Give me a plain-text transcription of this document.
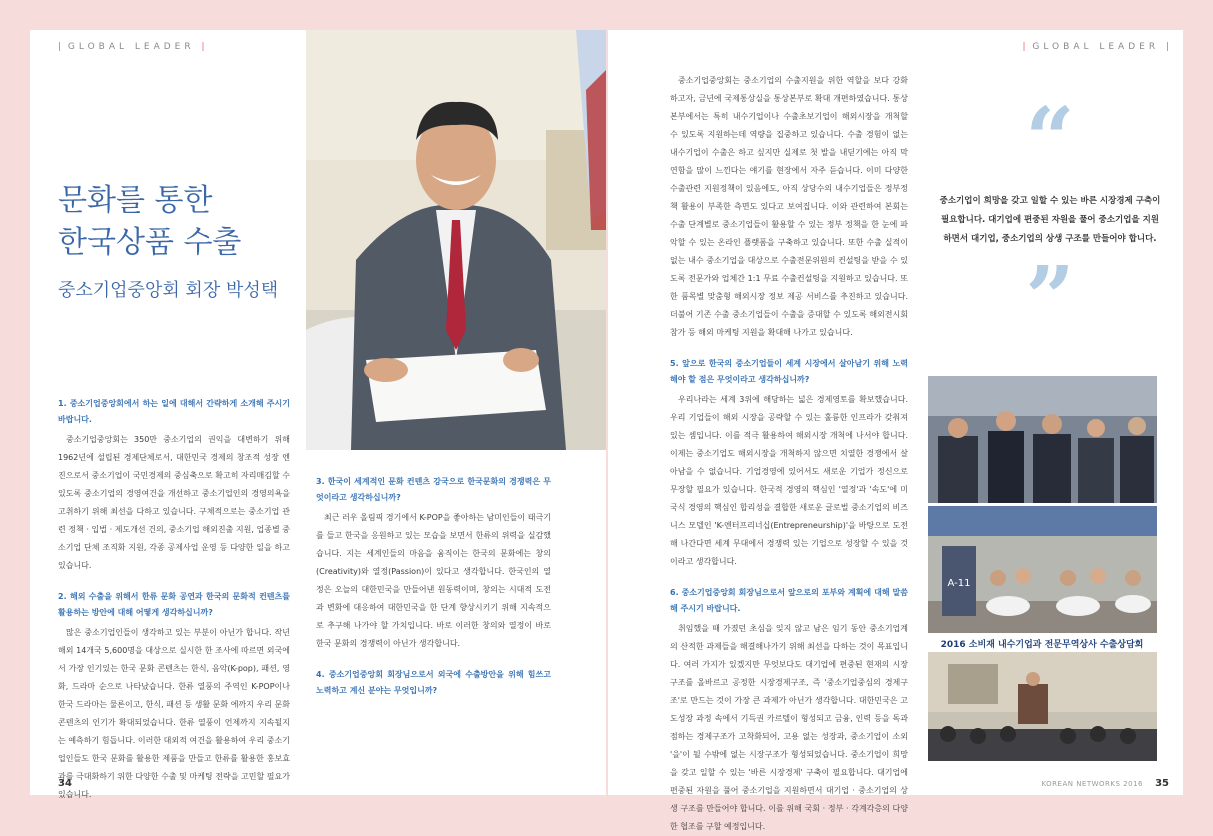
| GLOBAL LEADER |
문화를 통한
한국상품 수출
중소기업중앙회 회장 박성택
1. 중소기업중앙회에서 하는 일에 대해서 간략하게 소개해 주시기 바랍니다.

중소기업중앙회는 350만 중소기업의 권익을 대변하기 위해 1962년에 설립된 경제단체로서, 대한민국 경제의 창조적 성장 엔진으로서 중소기업이 국민경제의 중심축으로 확고히 자리매김할 수 있도록 중소기업의 경영여건을 개선하고 중소기업인의 경영의욕을 고취하기 위해 최선을 다하고 있습니다. 구체적으로는 중소기업 관련 정책 · 입법 · 제도개선 건의, 중소기업 해외진출 지원, 업종별 중소기업 단체 조직화 지원, 각종 공제사업 운영 등 다양한 일을 하고 있습니다.

2. 해외 수출을 위해서 한류 문화 공연과 한국의 문화적 컨텐츠를 활용하는 방안에 대해 어떻게 생각하십니까?

많은 중소기업인들이 생각하고 있는 부분이 아닌가 합니다. 작년 해외 14개국 5,600명을 대상으로 실시한 한 조사에 따르면 외국에서 가장 인기있는 한국 문화 콘텐츠는 한식, 음악(K-pop), 패션, 영화, 드라마 순으로 나타났습니다. 한류 열풍의 주역인 K-POP이나 한국 드라마는 물론이고, 한식, 패션 등 생활 문화 에까지 우리 문화콘텐츠의 인기가 확대되었습니다. 한류 열풍이 언제까지 지속될지는 예측하기 힘듭니다. 이러한 대외적 여건을 활용하여 우리 중소기업인들도 한국 문화를 활용한 제품을 만들고 한류를 활용한 홍보효과를 극대화하기 위한 다양한 수출 및 마케팅 전략을 고민할 필요가 있습니다.

3. 한국이 세계적인 문화 컨텐츠 강국으로 한국문화의 경쟁력은 무엇이라고 생각하십니까?

최근 러우 올림픽 경기에서 K-POP을 좋아하는 남미인들이 태극기를 들고 한국을 응원하고 있는 모습을 보면서 한류의 위력을 실감했습니다. 지는 세계인들의 마음을 움직이는 한국의 문화에는 창의(Creativity)와 열정(Passion)이 있다고 생각합니다. 한국인의 열정은 오늘의 대한민국을 만들어낸 원동력이며, 창의는 시대적 도전과 변화에 대응하여 대한민국을 한 단계 향상시키기 위해 지속적으로 추구해 나가야 할 가치입니다. 바로 이러한 창의와 열정이 바로 한국 문화의 경쟁력이 아닌가 생각합니다.

4. 중소기업중앙회 회장님으로서 외국에 수출방안을 위해 힘쓰고 노력하고 계신 분야는 무엇입니까?
34
| GLOBAL LEADER |

중소기업중앙회는 중소기업의 수출지원을 위한 역할을 보다 강화하고자, 금년에 국제통상실을 통상본부로 확대 개편하였습니다. 통상본부에서는 특히 내수기업이나 수출초보기업이 해외시장을 개척할 수 있도록 지원하는데 역량을 집중하고 있습니다. 수출 경험이 없는 내수기업이 수출은 하고 싶지만 실제로 첫 발을 내딛기에는 아직 막연함을 많이 느낀다는 얘기를 현장에서 자주 듣습니다. 이미 다양한 수출관련 지원정책이 있음에도, 아직 상당수의 내수기업들은 정부정책 활용이 부족한 측면도 있다고 보여집니다. 이와 관련하여 본회는 수출 단계별로 중소기업들이 활용할 수 있는 정부 정책을 한 눈에 파악할 수 있는 온라인 플랫폼을 구축하고 있습니다. 또한 수출 실적이 없는 내수 중소기업을 대상으로 수출전문위원의 컨설팅을 받을 수 있도록 전문가와 업체간 1:1 무료 수출컨설팅을 지원하고 있습니다. 또한 품목별 맞춤형 해외시장 정보 제공 서비스를 추진하고 있습니다. 더불어 기존 수출 중소기업들이 수출을 증대할 수 있도록 해외전시회 참가 등 해외 마케팅 지원을 확대해 나가고 있습니다.

5. 앞으로 한국의 중소기업들이 세계 시장에서 살아남기 위해 노력해야 할 점은 무엇이라고 생각하십니까?

우리나라는 세계 3위에 해당하는 넓은 경제영토를 확보했습니다. 우리 기업들이 해외 시장을 공략할 수 있는 훌륭한 인프라가 갖춰져 있는 셈입니다. 이를 적극 활용하여 해외시장 개척에 나서야 합니다. 이제는 중소기업도 해외시장을 개척하지 않으면 치열한 경쟁에서 살아남을 수 없습니다. 기업경영에 있어서도 새로운 기업가 정신으로 무장할 필요가 있습니다. 한국적 경영의 핵심인 '열정'과 '속도'에 미국식 경영의 핵심인 합리성을 결합한 새로운 글로벌 중소기업의 비즈니스 모델인 'K-엔터프리너십(Entrepreneurship)'을 바탕으로 도전해 나간다면 세계 무대에서 경쟁력 있는 기업으로 성장할 수 있을 것이라고 생각합니다.

6. 중소기업중앙회 회장님으로서 앞으로의 포부와 계획에 대해 말씀해 주시기 바랍니다.

취임했을 때 가졌던 초심을 잊지 않고 남은 임기 동안 중소기업계의 산적한 과제들을 해결해나가기 위해 최선을 다하는 것이 목표입니다. 여러 가지가 있겠지만 무엇보다도 대기업에 편중된 현재의 시장구조를 올바르고 공정한 시장경제구조, 즉 '중소기업중심의 경제구조'로 만드는 것이 가장 큰 과제가 아닌가 생각합니다. 대한민국은 고도성장 과정 속에서 기득권 카르텔이 형성되고 금융, 인력 등을 독과점하는 경제구조가 고착화되어, 고용 없는 성장과, 중소기업이 소외 '을'이 될 수밖에 없는 시장구조가 형성되었습니다. 중소기업이 희망을 갖고 일할 수 있는 '바른 시장경제' 구축이 필요합니다. 대기업에 편중된 자원을 풀어 중소기업을 지원하면서 대기업 · 중소기업의 상생 구조를 만들어야 합니다. 이를 위해 국회 · 정부 · 각계각층의 다양한 협조를 구할 예정입니다.

“
중소기업이 희망을 갖고 일할 수 있는 바른 시장경제 구축이 필요합니다. 대기업에 편중된 자원을 풀어 중소기업을 지원하면서 대기업, 중소기업의 상생 구조를 만들어야 합니다.
”
A-11
2016 소비재 내수기업과 전문무역상사 수출상담회
KOREAN NETWORKS 2016 35
